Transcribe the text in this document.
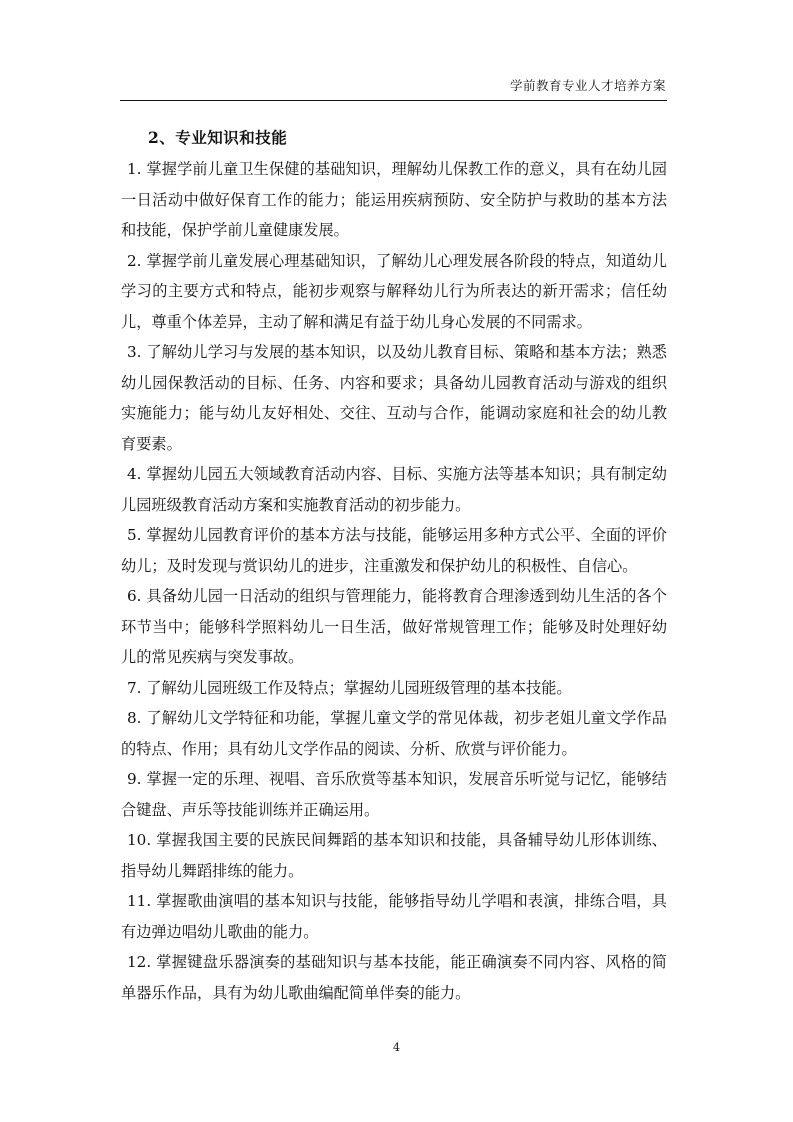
学前教育专业人才培养方案
2、专业知识和技能

1. 掌握学前儿童卫生保健的基础知识，理解幼儿保教工作的意义，具有在幼儿园一日活动中做好保育工作的能力；能运用疾病预防、安全防护与救助的基本方法和技能，保护学前儿童健康发展。

2. 掌握学前儿童发展心理基础知识，了解幼儿心理发展各阶段的特点，知道幼儿学习的主要方式和特点，能初步观察与解释幼儿行为所表达的新开需求；信任幼儿，尊重个体差异，主动了解和满足有益于幼儿身心发展的不同需求。

3. 了解幼儿学习与发展的基本知识，以及幼儿教育目标、策略和基本方法；熟悉幼儿园保教活动的目标、任务、内容和要求；具备幼儿园教育活动与游戏的组织实施能力；能与幼儿友好相处、交往、互动与合作，能调动家庭和社会的幼儿教育要素。

4. 掌握幼儿园五大领域教育活动内容、目标、实施方法等基本知识；具有制定幼儿园班级教育活动方案和实施教育活动的初步能力。

5. 掌握幼儿园教育评价的基本方法与技能，能够运用多种方式公平、全面的评价幼儿；及时发现与赏识幼儿的进步，注重激发和保护幼儿的积极性、自信心。

6. 具备幼儿园一日活动的组织与管理能力，能将教育合理渗透到幼儿生活的各个环节当中；能够科学照料幼儿一日生活，做好常规管理工作；能够及时处理好幼儿的常见疾病与突发事故。

7. 了解幼儿园班级工作及特点；掌握幼儿园班级管理的基本技能。

8. 了解幼儿文学特征和功能，掌握儿童文学的常见体裁，初步老姐儿童文学作品的特点、作用；具有幼儿文学作品的阅读、分析、欣赏与评价能力。

9. 掌握一定的乐理、视唱、音乐欣赏等基本知识，发展音乐听觉与记忆，能够结合键盘、声乐等技能训练并正确运用。

10. 掌握我国主要的民族民间舞蹈的基本知识和技能，具备辅导幼儿形体训练、指导幼儿舞蹈排练的能力。

11. 掌握歌曲演唱的基本知识与技能，能够指导幼儿学唱和表演，排练合唱，具有边弹边唱幼儿歌曲的能力。

12. 掌握键盘乐器演奏的基础知识与基本技能，能正确演奏不同内容、风格的简单器乐作品，具有为幼儿歌曲编配简单伴奏的能力。

4
